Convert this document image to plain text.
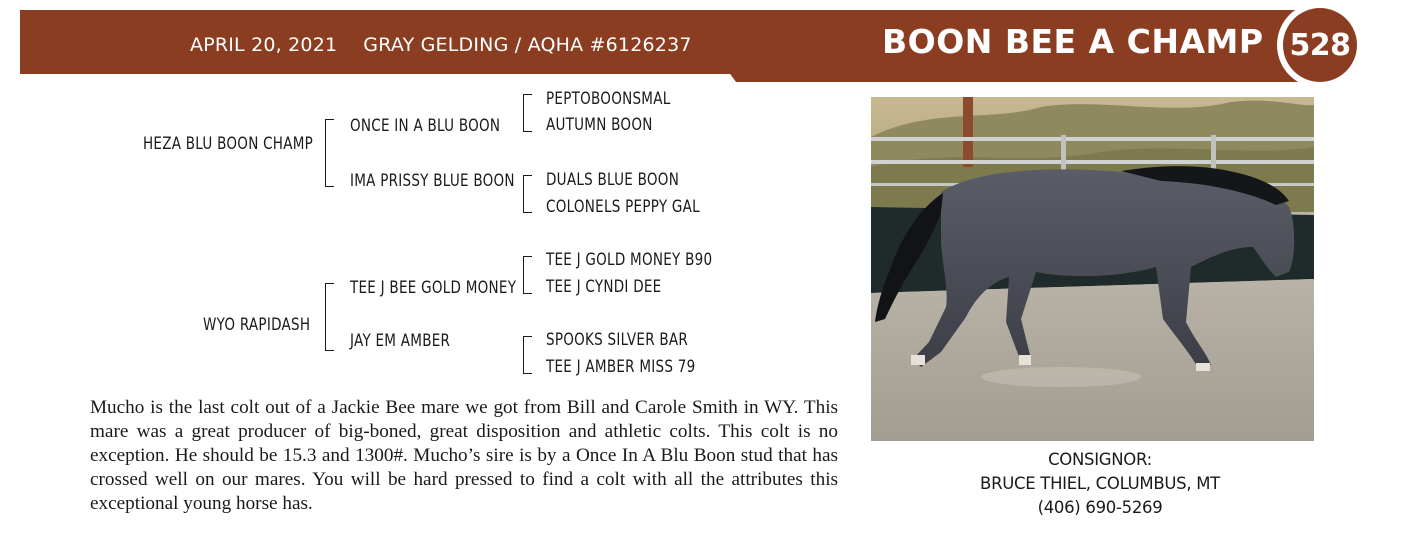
APRIL 20, 2021 GRAY GELDING / AQHA #6126237	BOON BEE A CHAMP 528
HEZA BLU BOON CHAMP
ONCE IN A BLU BOON
IMA PRISSY BLUE BOON
PEPTOBOONSMAL
AUTUMN BOON
DUALS BLUE BOON
COLONELS PEPPY GAL
WYO RAPIDASH
TEE J BEE GOLD MONEY
JAY EM AMBER
TEE J GOLD MONEY B90
TEE J CYNDI DEE
SPOOKS SILVER BAR
TEE J AMBER MISS 79
Mucho is the last colt out of a Jackie Bee mare we got from Bill and Carole Smith in WY. This mare was a great producer of big-boned, great disposition and athletic colts. This colt is no exception. He should be 15.3 and 1300#. Mucho’s sire is by a Once In A Blu Boon stud that has crossed well on our mares. You will be hard pressed to find a colt with all the attributes this exceptional young horse has.
CONSIGNOR:
BRUCE THIEL, COLUMBUS, MT
(406) 690-5269
